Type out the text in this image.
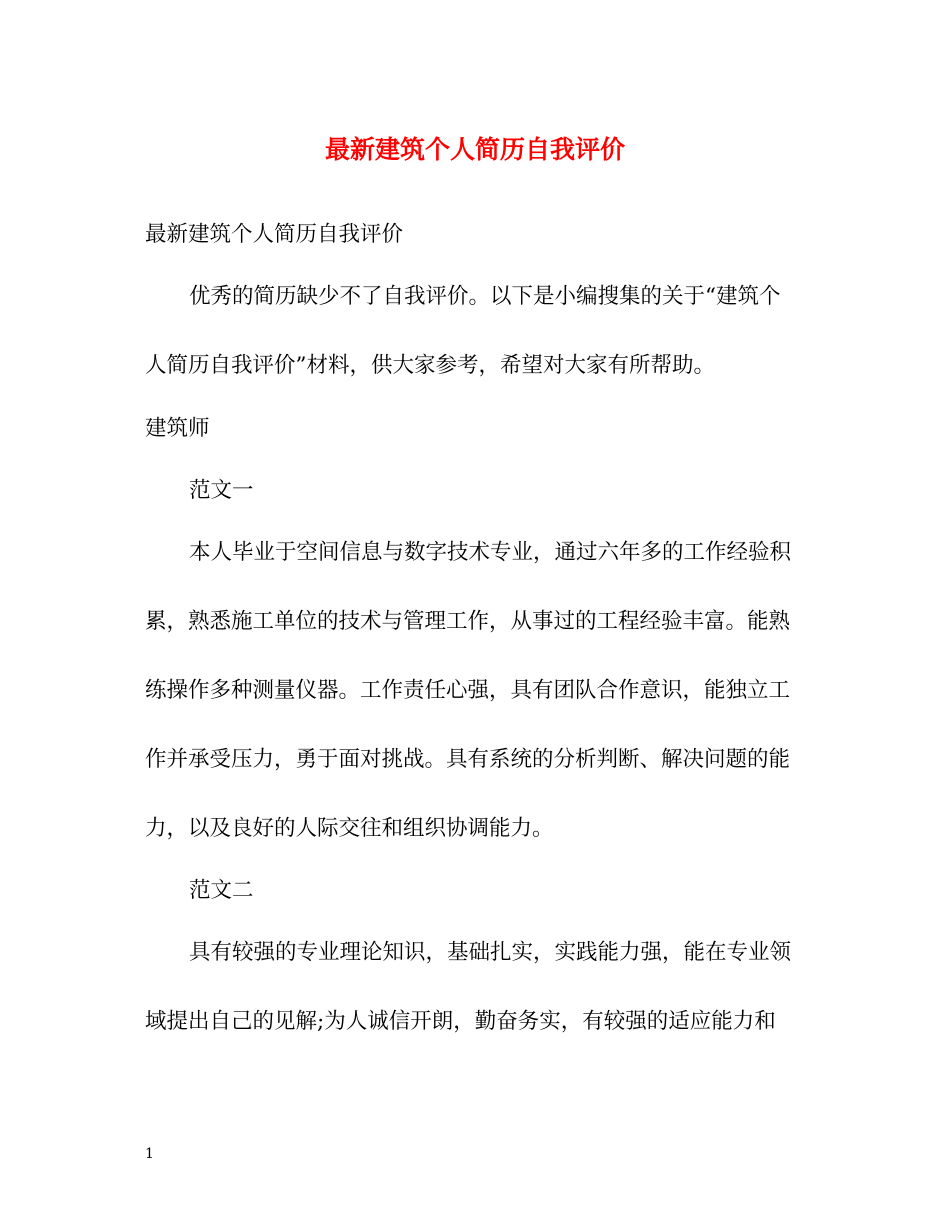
最新建筑个人简历自我评价
最新建筑个人简历自我评价
优秀的简历缺少不了自我评价。以下是小编搜集的关于“建筑个
人简历自我评价”材料，供大家参考，希望对大家有所帮助。
建筑师
范文一
本人毕业于空间信息与数字技术专业，通过六年多的工作经验积
累，熟悉施工单位的技术与管理工作，从事过的工程经验丰富。能熟
练操作多种测量仪器。工作责任心强，具有团队合作意识，能独立工
作并承受压力，勇于面对挑战。具有系统的分析判断、解决问题的能
力，以及良好的人际交往和组织协调能力。
范文二
具有较强的专业理论知识，基础扎实，实践能力强，能在专业领
域提出自己的见解;为人诚信开朗，勤奋务实，有较强的适应能力和
1
